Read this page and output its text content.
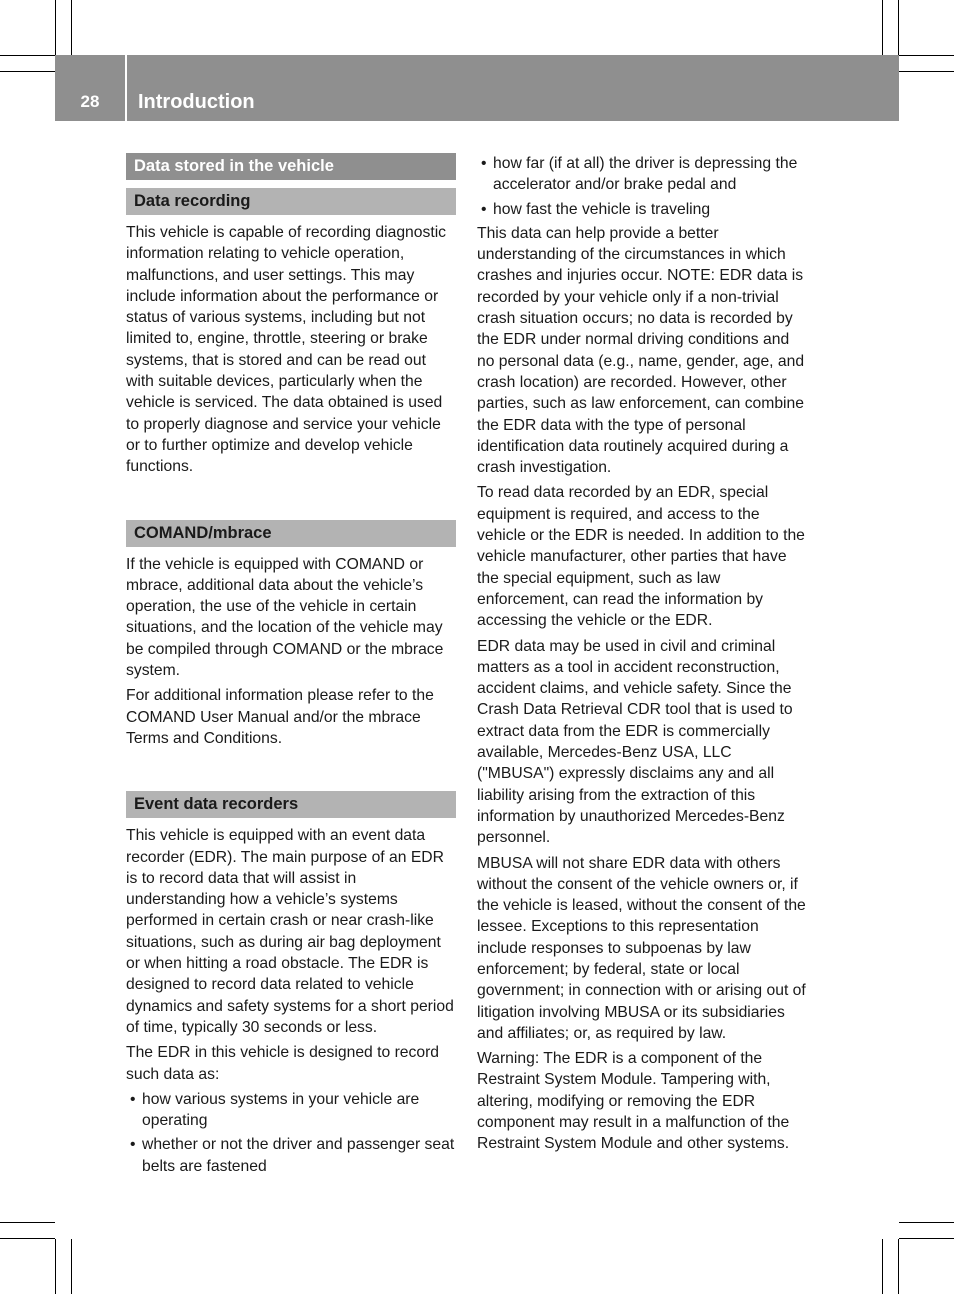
28	Introduction
Data stored in the vehicle
Data recording

This vehicle is capable of recording diagnostic information relating to vehicle operation, malfunctions, and user settings. This may include information about the performance or status of various systems, including but not limited to, engine, throttle, steering or brake systems, that is stored and can be read out with suitable devices, particularly when the vehicle is serviced. The data obtained is used to properly diagnose and service your vehicle or to further optimize and develop vehicle functions.

COMAND/mbrace

If the vehicle is equipped with COMAND or mbrace, additional data about the vehicle’s operation, the use of the vehicle in certain situations, and the location of the vehicle may be compiled through COMAND or the mbrace system.

For additional information please refer to the COMAND User Manual and/or the mbrace Terms and Conditions.

Event data recorders

This vehicle is equipped with an event data recorder (EDR). The main purpose of an EDR is to record data that will assist in understanding how a vehicle’s systems performed in certain crash or near crash-like situations, such as during air bag deployment or when hitting a road obstacle. The EDR is designed to record data related to vehicle dynamics and safety systems for a short period of time, typically 30 seconds or less.

The EDR in this vehicle is designed to record such data as:

• how various systems in your vehicle are operating
• whether or not the driver and passenger seat belts are fastened
• how far (if at all) the driver is depressing the accelerator and/or brake pedal and
• how fast the vehicle is traveling

This data can help provide a better understanding of the circumstances in which crashes and injuries occur. NOTE: EDR data is recorded by your vehicle only if a non-trivial crash situation occurs; no data is recorded by the EDR under normal driving conditions and no personal data (e.g., name, gender, age, and crash location) are recorded. However, other parties, such as law enforcement, can combine the EDR data with the type of personal identification data routinely acquired during a crash investigation.

To read data recorded by an EDR, special equipment is required, and access to the vehicle or the EDR is needed. In addition to the vehicle manufacturer, other parties that have the special equipment, such as law enforcement, can read the information by accessing the vehicle or the EDR.

EDR data may be used in civil and criminal matters as a tool in accident reconstruction, accident claims, and vehicle safety. Since the Crash Data Retrieval CDR tool that is used to extract data from the EDR is commercially available, Mercedes-Benz USA, LLC ("MBUSA") expressly disclaims any and all liability arising from the extraction of this information by unauthorized Mercedes-Benz personnel.

MBUSA will not share EDR data with others without the consent of the vehicle owners or, if the vehicle is leased, without the consent of the lessee. Exceptions to this representation include responses to subpoenas by law enforcement; by federal, state or local government; in connection with or arising out of litigation involving MBUSA or its subsidiaries and affiliates; or, as required by law.

Warning: The EDR is a component of the Restraint System Module. Tampering with, altering, modifying or removing the EDR component may result in a malfunction of the Restraint System Module and other systems.
